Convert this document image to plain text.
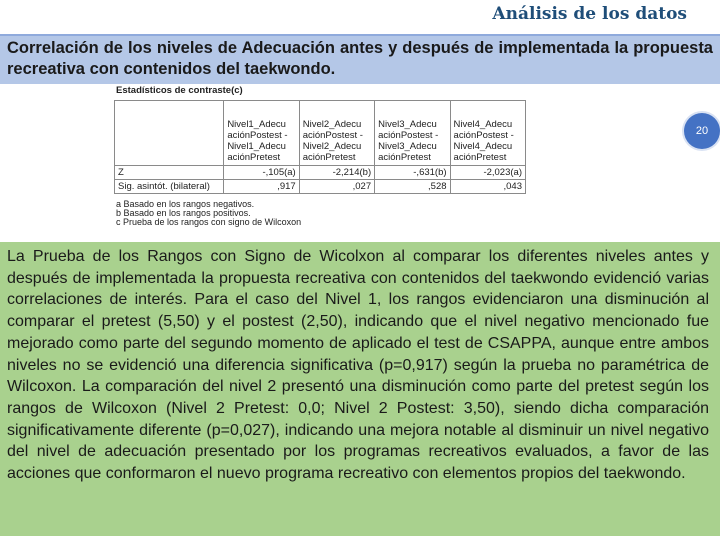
Análisis de los datos
Correlación de los niveles de Adecuación antes y después de implementada la propuesta recreativa con contenidos del taekwondo.
Estadísticos de contraste(c)
	Nivel1_Adecu aciónPostest - Nivel1_Adecu aciónPretest	Nivel2_Adecu aciónPostest - Nivel2_Adecu aciónPretest	Nivel3_Adecu aciónPostest - Nivel3_Adecu aciónPretest	Nivel4_Adecu aciónPostest - Nivel4_Adecu aciónPretest
Z	-,105(a)	-2,214(b)	-,631(b)	-2,023(a)
Sig. asintót. (bilateral)	,917	,027	,528	,043
a Basado en los rangos negativos.
b Basado en los rangos positivos.
c Prueba de los rangos con signo de Wilcoxon
20

La Prueba de los Rangos con Signo de Wicolxon al comparar los diferentes niveles antes y después de implementada la propuesta recreativa con contenidos del taekwondo evidenció varias correlaciones de interés. Para el caso del Nivel 1, los rangos evidenciaron una disminución al comparar el pretest (5,50) y el postest (2,50), indicando que el nivel negativo mencionado fue mejorado como parte del segundo momento de aplicado el test de CSAPPA, aunque entre ambos niveles no se evidenció una diferencia significativa (p=0,917) según la prueba no paramétrica de Wilcoxon. La comparación del nivel 2 presentó una disminución como parte del pretest según los rangos de Wilcoxon (Nivel 2 Pretest: 0,0; Nivel 2 Postest: 3,50), siendo dicha comparación significativamente diferente (p=0,027), indicando una mejora notable al disminuir un nivel negativo del nivel de adecuación presentado por los programas recreativos evaluados, a favor de las acciones que conformaron el nuevo programa recreativo con elementos propios del taekwondo.
